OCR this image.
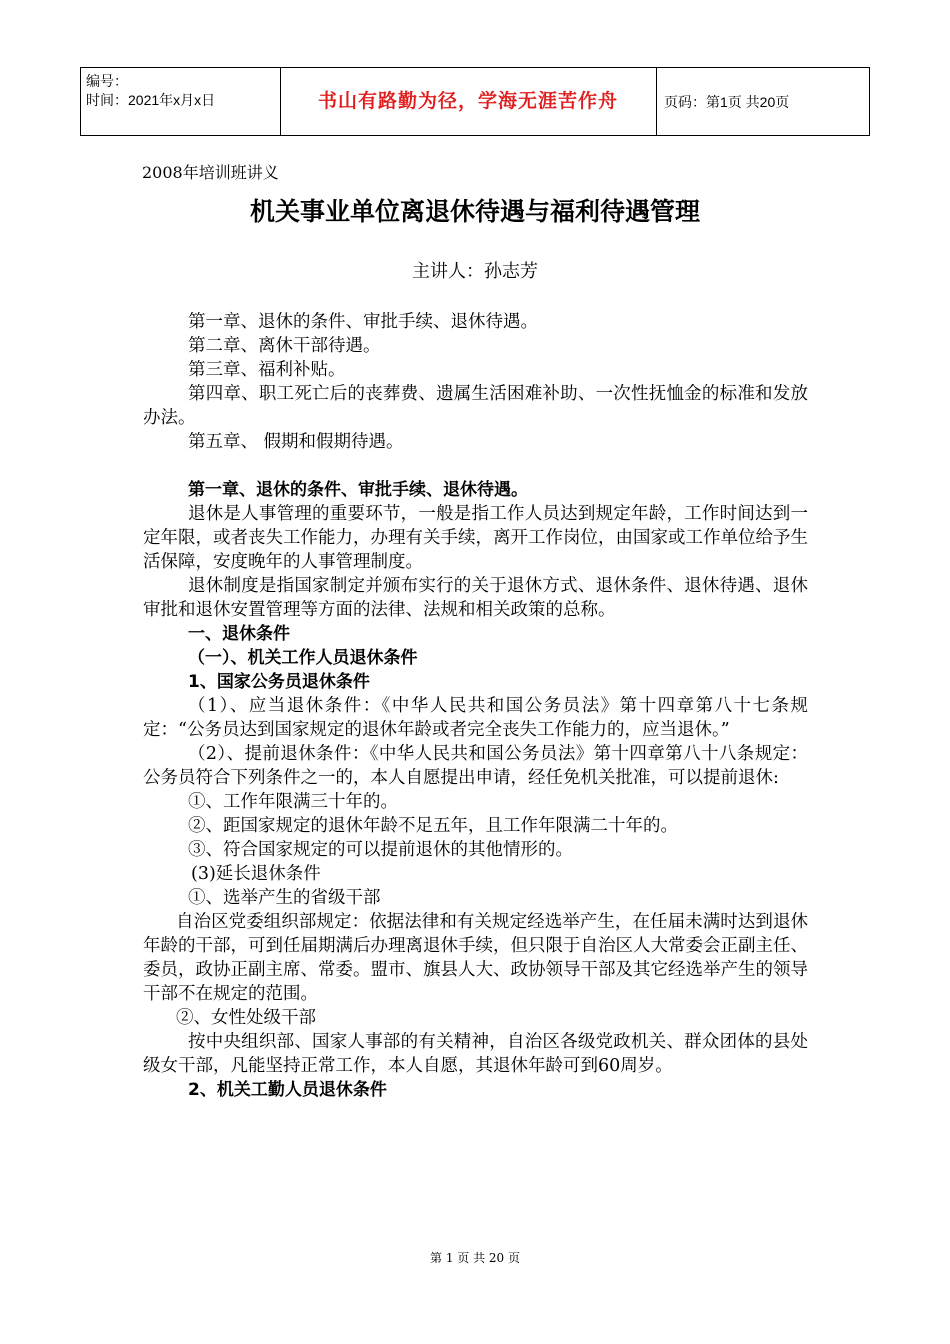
编号：
时间：2021年x月x日	书山有路勤为径，学海无涯苦作舟	页码：第1页 共20页
2008年培训班讲义
机关事业单位离退休待遇与福利待遇管理
主讲人：孙志芳

第一章、退休的条件、审批手续、退休待遇。

第二章、离休干部待遇。

第三章、福利补贴。

第四章、职工死亡后的丧葬费、遗属生活困难补助、一次性抚恤金的标准和发放办法。

第五章、 假期和假期待遇。

第一章、退休的条件、审批手续、退休待遇。

退休是人事管理的重要环节，一般是指工作人员达到规定年龄，工作时间达到一定年限，或者丧失工作能力，办理有关手续，离开工作岗位，由国家或工作单位给予生活保障，安度晚年的人事管理制度。

退休制度是指国家制定并颁布实行的关于退休方式、退休条件、退休待遇、退休审批和退休安置管理等方面的法律、法规和相关政策的总称。

一、退休条件

（一）、机关工作人员退休条件

1、国家公务员退休条件

（1）、应当退休条件：《中华人民共和国公务员法》第十四章第八十七条规定：“公务员达到国家规定的退休年龄或者完全丧失工作能力的，应当退休。”

（2）、提前退休条件：《中华人民共和国公务员法》第十四章第八十八条规定：公务员符合下列条件之一的，本人自愿提出申请，经任免机关批准，可以提前退休:

①、工作年限满三十年的。

②、距国家规定的退休年龄不足五年，且工作年限满二十年的。

③、符合国家规定的可以提前退休的其他情形的。

(3)延长退休条件

①、选举产生的省级干部

自治区党委组织部规定：依据法律和有关规定经选举产生，在任届未满时达到退休年龄的干部，可到任届期满后办理离退休手续，但只限于自治区人大常委会正副主任、委员，政协正副主席、常委。盟市、旗县人大、政协领导干部及其它经选举产生的领导干部不在规定的范围。

②、女性处级干部

按中央组织部、国家人事部的有关精神，自治区各级党政机关、群众团体的县处级女干部，凡能坚持正常工作，本人自愿，其退休年龄可到60周岁。

2、机关工勤人员退休条件

第 1 页 共 20 页
